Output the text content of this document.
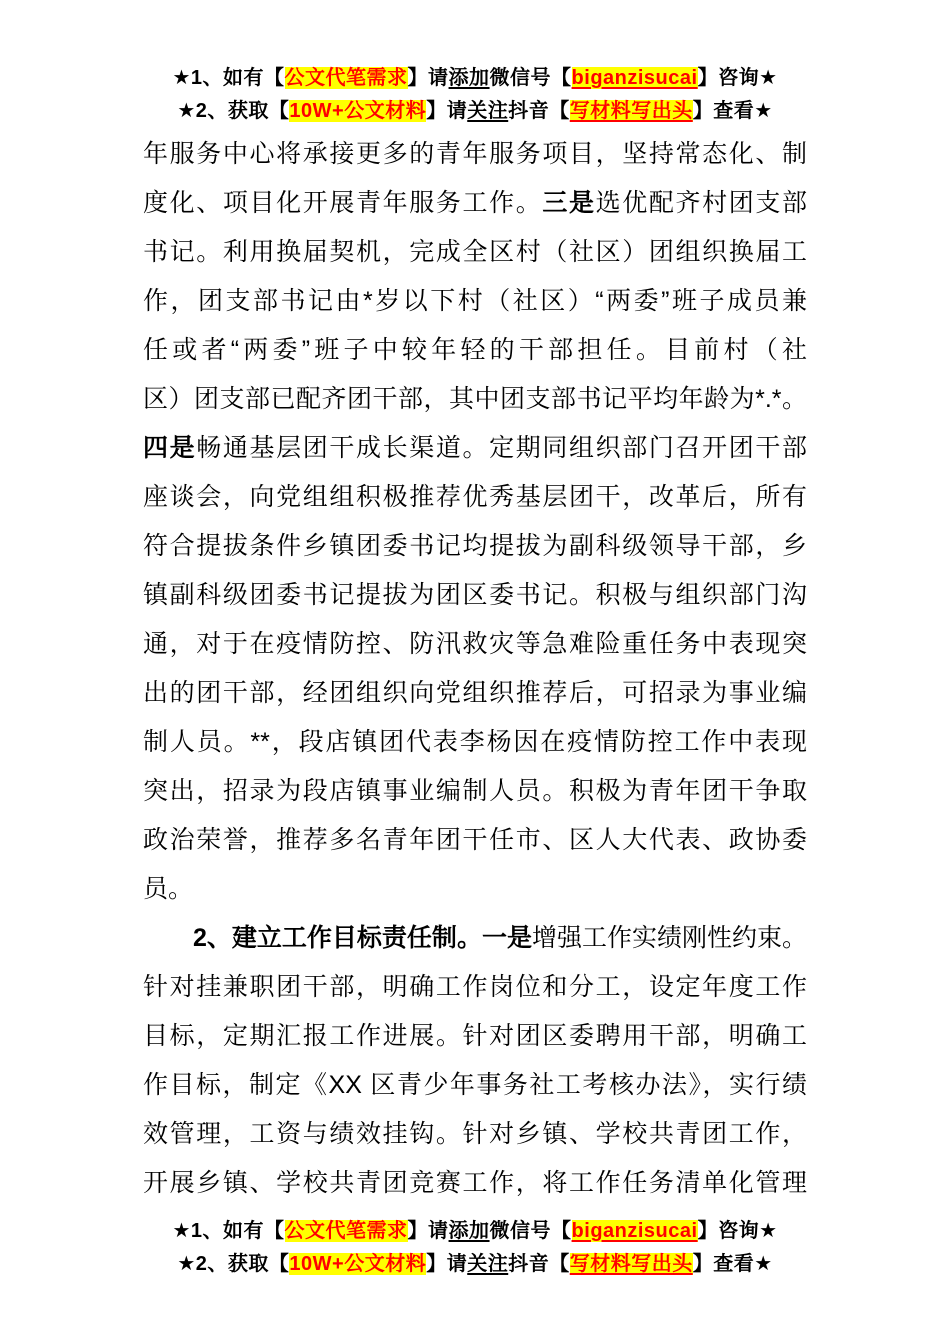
★1、如有【公文代笔需求】请添加微信号【biganzisucai】咨询★
★2、获取【10W+公文材料】请关注抖音【写材料写出头】查看★
年服务中心将承接更多的青年服务项目，坚持常态化、制
度化、项目化开展青年服务工作。三是选优配齐村团支部
书记。利用换届契机，完成全区村（社区）团组织换届工
作，团支部书记由*岁以下村（社区）“两委”班子成员兼
任或者“两委”班子中较年轻的干部担任。目前村（社
区）团支部已配齐团干部，其中团支部书记平均年龄为*.*。
四是畅通基层团干成长渠道。定期同组织部门召开团干部
座谈会，向党组组积极推荐优秀基层团干，改革后，所有
符合提拔条件乡镇团委书记均提拔为副科级领导干部，乡
镇副科级团委书记提拔为团区委书记。积极与组织部门沟
通，对于在疫情防控、防汛救灾等急难险重任务中表现突
出的团干部，经团组织向党组织推荐后，可招录为事业编
制人员。**，段店镇团代表李杨因在疫情防控工作中表现
突出，招录为段店镇事业编制人员。积极为青年团干争取
政治荣誉，推荐多名青年团干任市、区人大代表、政协委
员。
2、建立工作目标责任制。一是增强工作实绩刚性约束。
针对挂兼职团干部，明确工作岗位和分工，设定年度工作
目标，定期汇报工作进展。针对团区委聘用干部，明确工
作目标，制定《XX 区青少年事务社工考核办法》，实行绩
效管理，工资与绩效挂钩。针对乡镇、学校共青团工作，
开展乡镇、学校共青团竞赛工作，将工作任务清单化管理
★1、如有【公文代笔需求】请添加微信号【biganzisucai】咨询★
★2、获取【10W+公文材料】请关注抖音【写材料写出头】查看★
